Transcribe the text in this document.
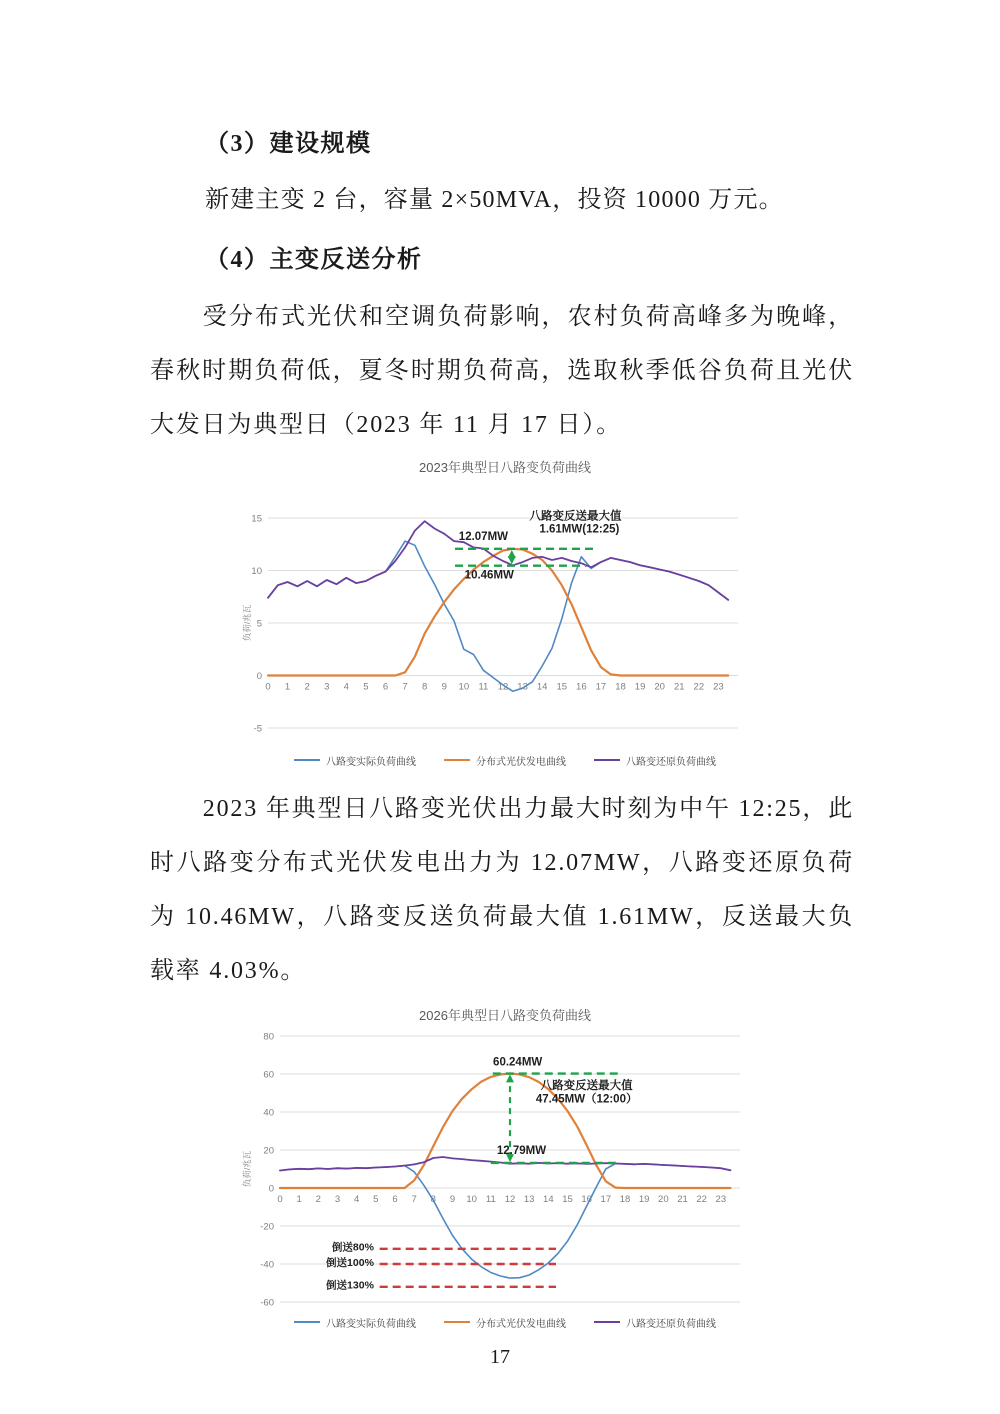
（3）建设规模
新建主变 2 台，容量 2×50MVA，投资 10000 万元。
（4）主变反送分析
受分布式光伏和空调负荷影响，农村负荷高峰多为晚峰，春秋时期负荷低，夏冬时期负荷高，选取秋季低谷负荷且光伏大发日为典型日（2023 年 11 月 17 日）。
2023年典型日八路变负荷曲线
15
10
5
0
-5
0 1 2 3 4 5 6 7 8 9 10 11 12 13 14 15 16 17 18 19 20 21 22 23
负荷/兆瓦
12.07MW
10.46MW
八路变反送最大值
1.61MW(12:25)
八路变实际负荷曲线	分布式光伏发电曲线	八路变还原负荷曲线
2023 年典型日八路变光伏出力最大时刻为中午 12:25，此时八路变分布式光伏发电出力为 12.07MW，八路变还原负荷为 10.46MW，八路变反送负荷最大值 1.61MW，反送最大负载率 4.03%。
2026年典型日八路变负荷曲线
80
60
40
20
0
-20
-40
-60
0 1 2 3 4 5 6 7 8 9 10 11 12 13 14 15 16 17 18 19 20 21 22 23
负荷/兆瓦
60.24MW
八路变反送最大值
47.45MW（12:00）
12.79MW
倒送80%
倒送100%
倒送130%
八路变实际负荷曲线	分布式光伏发电曲线	八路变还原负荷曲线
17
